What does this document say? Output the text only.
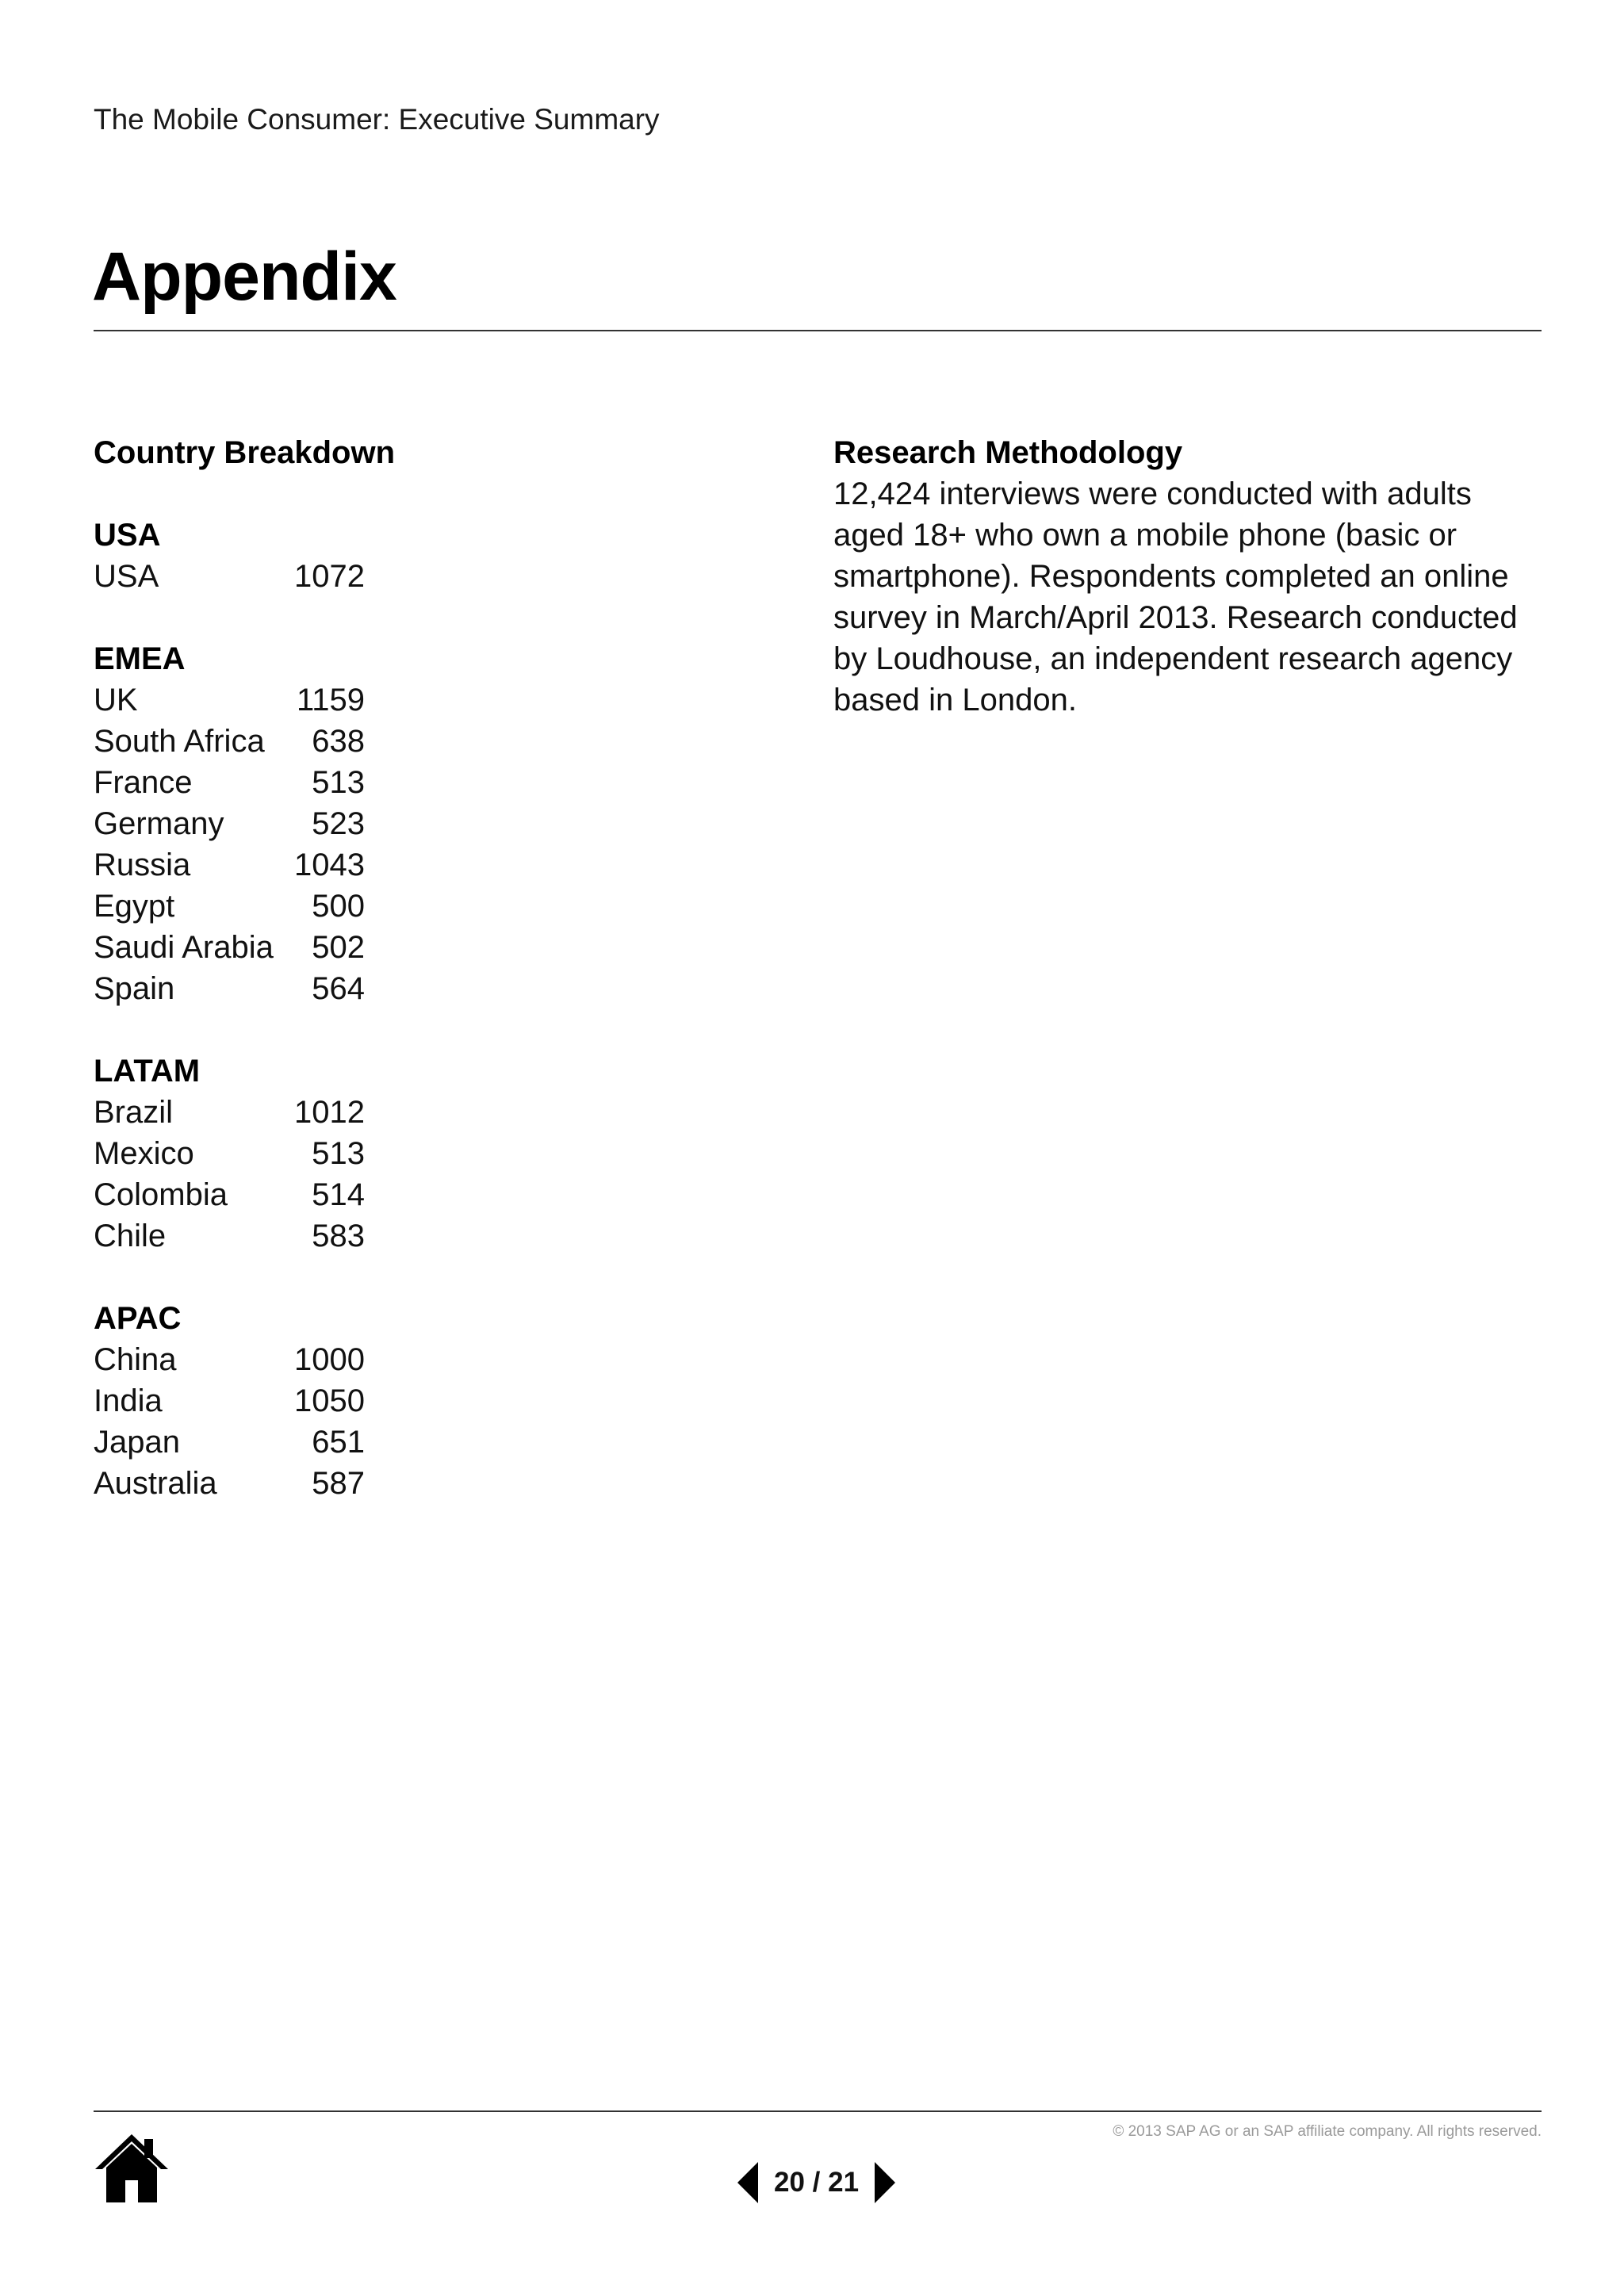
The Mobile Consumer: Executive Summary
Appendix
Country Breakdown
USA
USA	1072
EMEA
UK	1159
South Africa	638
France	513
Germany	523
Russia	1043
Egypt	500
Saudi Arabia	502
Spain	564
LATAM
Brazil	1012
Mexico	513
Colombia	514
Chile	583
APAC
China	1000
India	1050
Japan	651
Australia	587
Research Methodology

12,424 interviews were conducted with adults aged 18+ who own a mobile phone (basic or smartphone). Respondents completed an online survey in March/April 2013. Research conducted by Loudhouse, an independent research agency based in London.

© 2013 SAP AG or an SAP affiliate company. All rights reserved.
20 / 21
